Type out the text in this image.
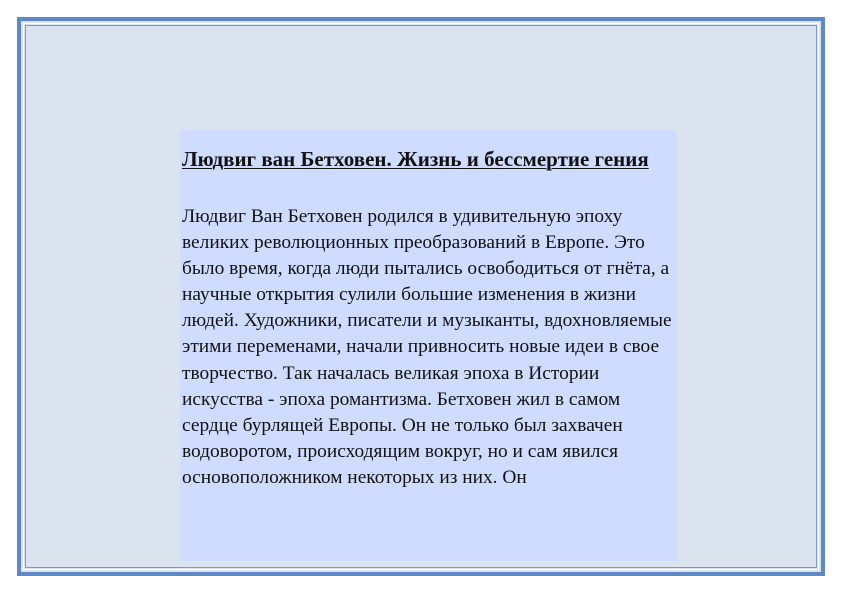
Людвиг ван Бетховен. Жизнь и бессмертие гения

Людвиг Ван Бетховен родился в удивительную эпоху великих революционных преобразований в Европе. Это было время, когда люди пытались освободиться от гнёта, а научные открытия сулили большие изменения в жизни людей. Художники, писатели и музыканты, вдохновляемые этими переменами, начали привносить новые идеи в свое творчество. Так началась великая эпоха в Истории искусства - эпоха романтизма. Бетховен жил в самом сердце бурлящей Европы. Он не только был захвачен водоворотом, происходящим вокруг, но и сам явился основоположником некоторых из них. Он
